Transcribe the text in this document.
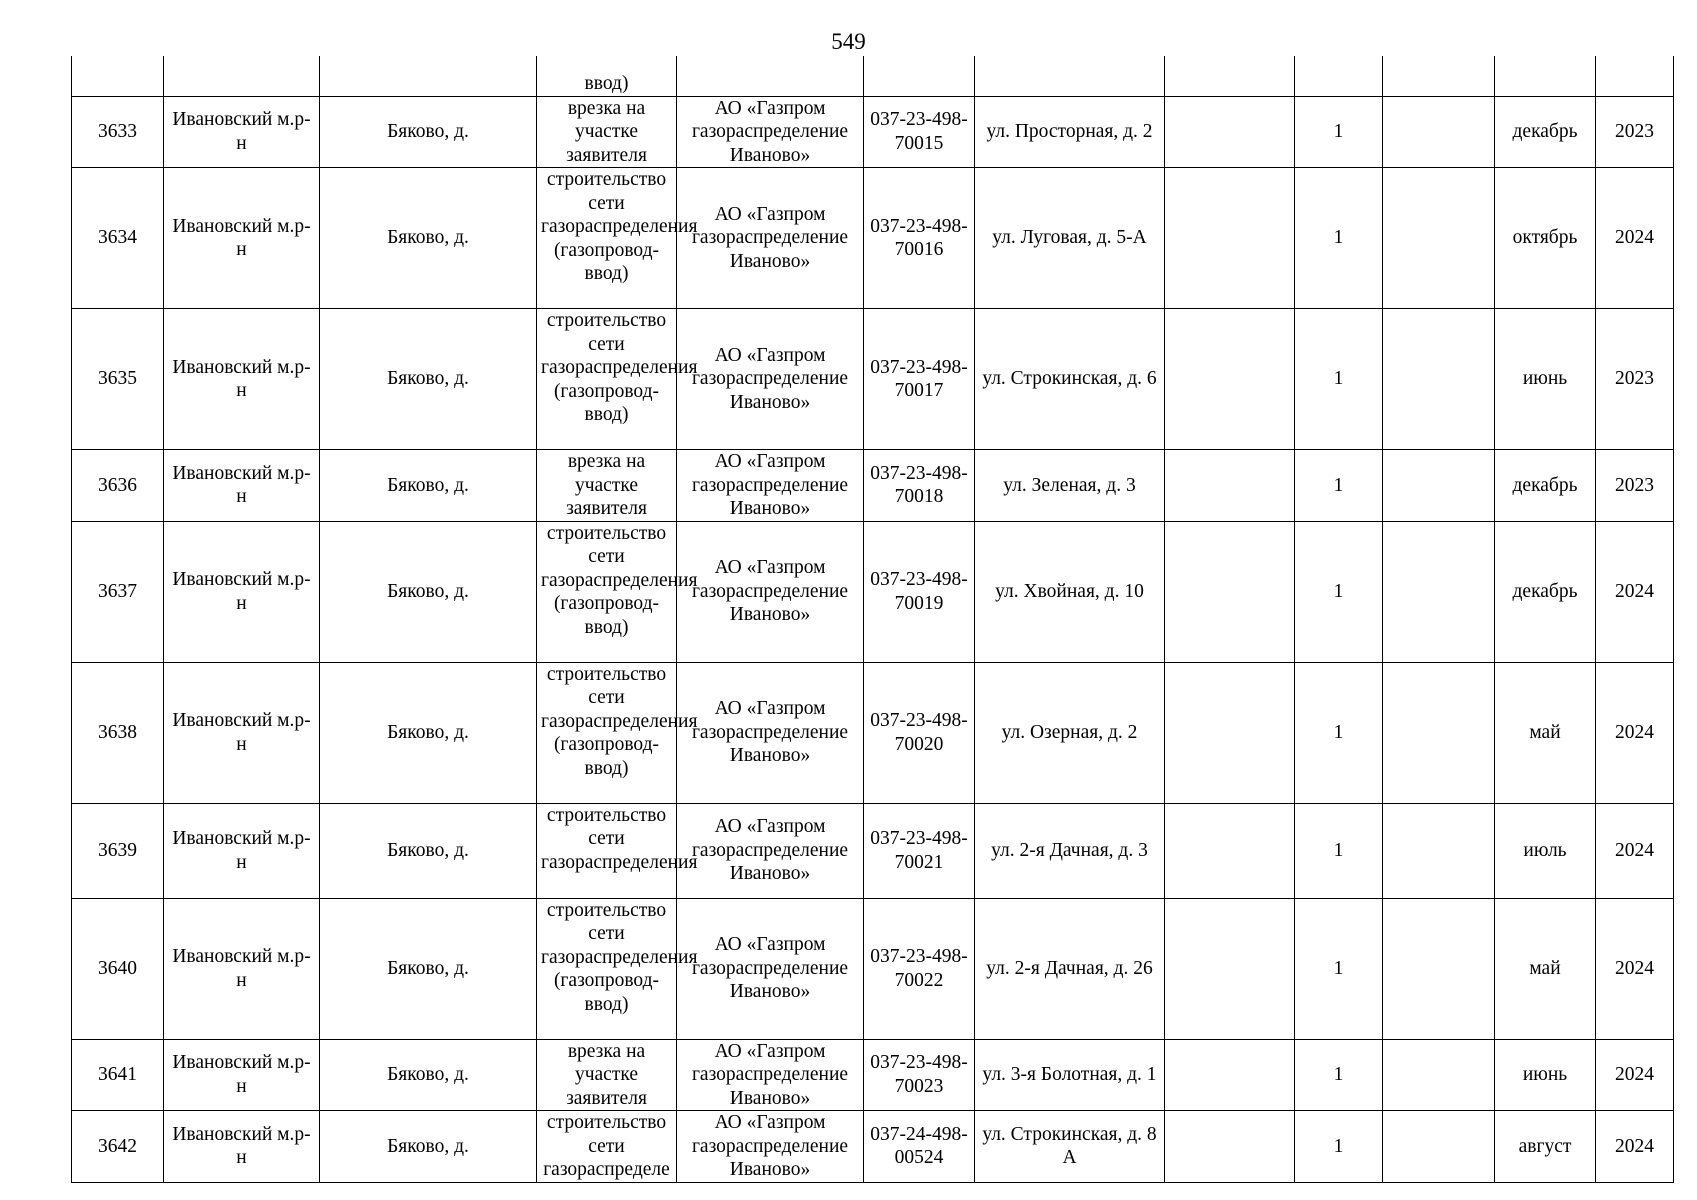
549

			ввод)								

3633	Ивановский м.р-н	Бяково, д.	врезка на участке заявителя	АО «Газпром газораспределение Иваново»	037-23-498-70015	ул. Просторная, д. 2		1		декабрь	2023
3634	Ивановский м.р-н	Бяково, д.	строительство сети газораспределения (газопровод-ввод)	АО «Газпром газораспределение Иваново»	037-23-498-70016	ул. Луговая, д. 5-А		1		октябрь	2024
3635	Ивановский м.р-н	Бяково, д.	строительство сети газораспределения (газопровод-ввод)	АО «Газпром газораспределение Иваново»	037-23-498-70017	ул. Строкинская, д. 6		1		июнь	2023
3636	Ивановский м.р-н	Бяково, д.	врезка на участке заявителя	АО «Газпром газораспределение Иваново»	037-23-498-70018	ул. Зеленая, д. 3		1		декабрь	2023
3637	Ивановский м.р-н	Бяково, д.	строительство сети газораспределения (газопровод-ввод)	АО «Газпром газораспределение Иваново»	037-23-498-70019	ул. Хвойная, д. 10		1		декабрь	2024
3638	Ивановский м.р-н	Бяково, д.	строительство сети газораспределения (газопровод-ввод)	АО «Газпром газораспределение Иваново»	037-23-498-70020	ул. Озерная, д. 2		1		май	2024
3639	Ивановский м.р-н	Бяково, д.	строительство сети газораспределения	АО «Газпром газораспределение Иваново»	037-23-498-70021	ул. 2-я Дачная, д. 3		1		июль	2024
3640	Ивановский м.р-н	Бяково, д.	строительство сети газораспределения (газопровод-ввод)	АО «Газпром газораспределение Иваново»	037-23-498-70022	ул. 2-я Дачная, д. 26		1		май	2024
3641	Ивановский м.р-н	Бяково, д.	врезка на участке заявителя	АО «Газпром газораспределение Иваново»	037-23-498-70023	ул. 3-я Болотная, д. 1		1		июнь	2024
3642	Ивановский м.р-н	Бяково, д.	строительство сети газораспределе	АО «Газпром газораспределение Иваново»	037-24-498-00524	ул. Строкинская, д. 8 А		1		август	2024
